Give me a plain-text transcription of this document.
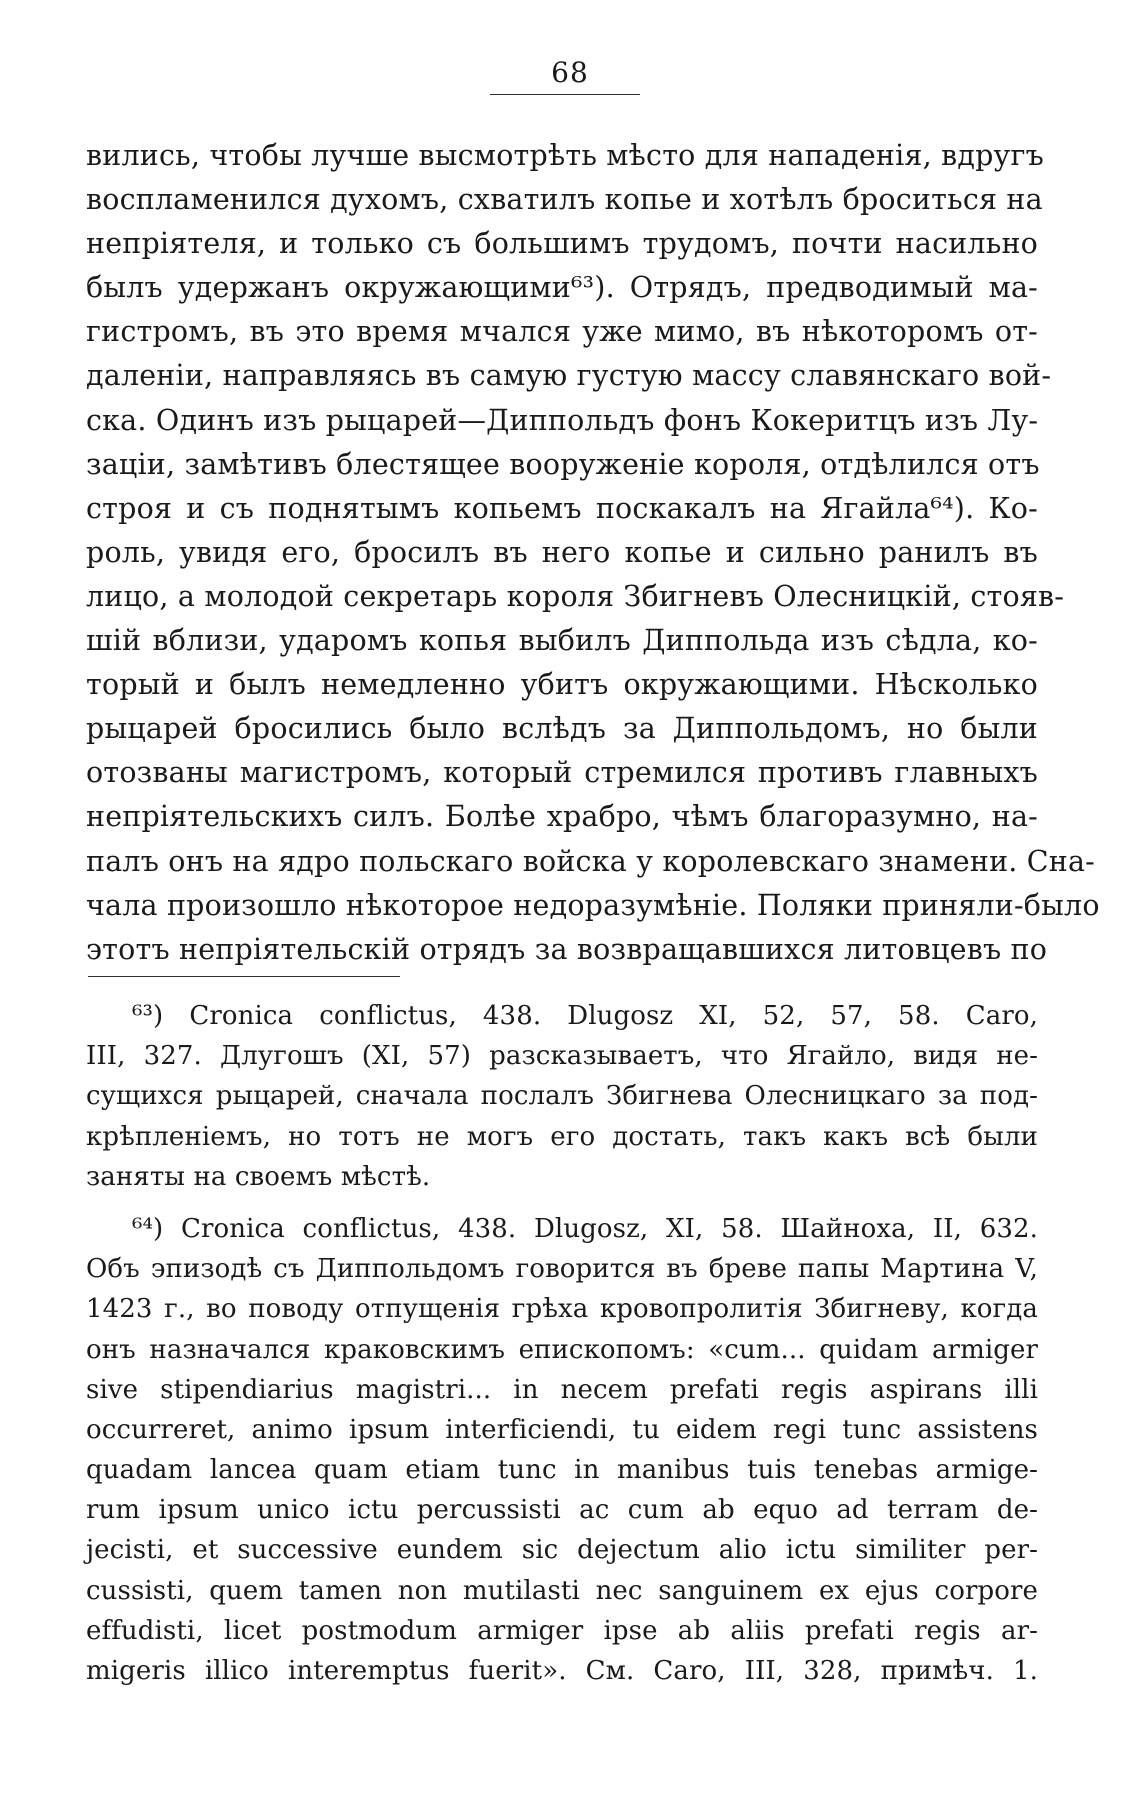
68
вились, чтобы лучше высмотрѣть мѣсто для нападенія, вдругъ
воспламенился духомъ, схватилъ копье и хотѣлъ броситься на
непріятеля, и только съ большимъ трудомъ, почти насильно
былъ удержанъ окружающими⁶³). Отрядъ, предводимый ма-
гистромъ, въ это время мчался уже мимо, въ нѣкоторомъ от-
даленіи, направляясь въ самую густую массу славянскаго вой-
ска. Одинъ изъ рыцарей—Диппольдъ фонъ Кокеритцъ изъ Лу-
заціи, замѣтивъ блестящее вооруженіе короля, отдѣлился отъ
строя и съ поднятымъ копьемъ поскакалъ на Ягайла⁶⁴). Ко-
роль, увидя его, бросилъ въ него копье и сильно ранилъ въ
лицо, а молодой секретарь короля Збигневъ Олесницкій, стояв-
шій вблизи, ударомъ копья выбилъ Диппольда изъ сѣдла, ко-
торый и былъ немедленно убитъ окружающими. Нѣсколько
рыцарей бросились было вслѣдъ за Диппольдомъ, но были
отозваны магистромъ, который стремился противъ главныхъ
непріятельскихъ силъ. Болѣе храбро, чѣмъ благоразумно, на-
палъ онъ на ядро польскаго войска у королевскаго знамени. Сна-
чала произошло нѣкоторое недоразумѣніе. Поляки приняли-было
этотъ непріятельскій отрядъ за возвращавшихся литовцевъ по
⁶³) Cronica conflictus, 438. Dlugosz XI, 52, 57, 58. Caro,
III, 327. Длугошъ (XI, 57) разсказываетъ, что Ягайло, видя не-
сущихся рыцарей, сначала послалъ Збигнева Олесницкаго за под-
крѣпленіемъ, но тотъ не могъ его достать, такъ какъ всѣ были
заняты на своемъ мѣстѣ.
⁶⁴) Cronica conflictus, 438. Dlugosz, XI, 58. Шайноха, II, 632.
Объ эпизодѣ съ Диппольдомъ говорится въ бреве папы Мартина V,
1423 г., во поводу отпущенія грѣха кровопролитія Збигневу, когда
онъ назначался краковскимъ епископомъ: «cum... quidam armiger
sive stipendiarius magistri... in necem prefati regis aspirans illi
occurreret, animo ipsum interficiendi, tu eidem regi tunc assistens
quadam lancea quam etiam tunc in manibus tuis tenebas armige-
rum ipsum unico ictu percussisti ac cum ab equo ad terram de-
jecisti, et successive eundem sic dejectum alio ictu similiter per-
cussisti, quem tamen non mutilasti nec sanguinem ex ejus corpore
effudisti, licet postmodum armiger ipse ab aliis prefati regis ar-
migeris illico interemptus fuerit». См. Caro, III, 328, примѣч. 1.
